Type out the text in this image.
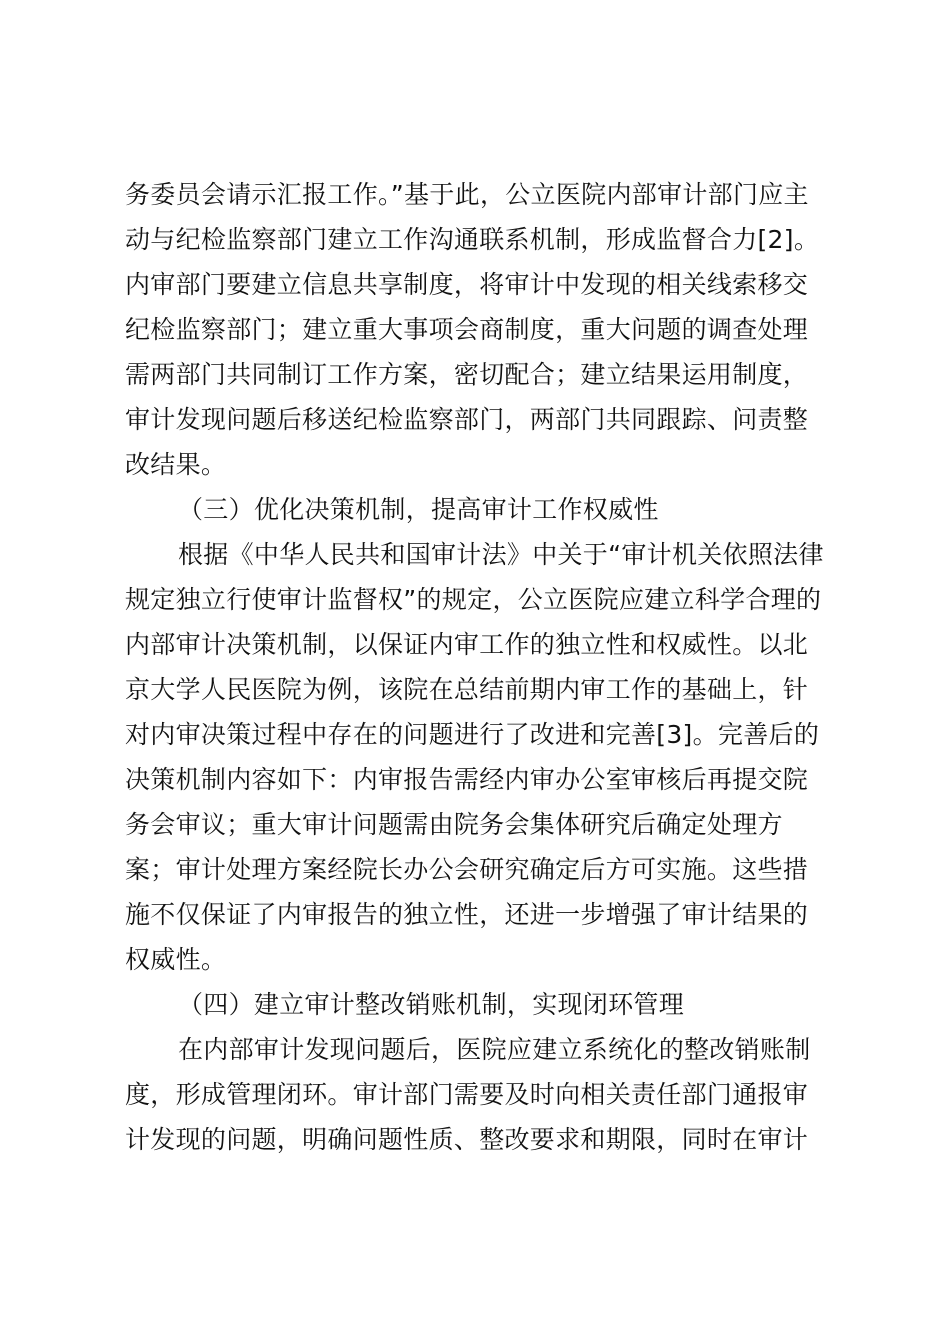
务委员会请示汇报工作。”基于此，公立医院内部审计部门应主
动与纪检监察部门建立工作沟通联系机制，形成监督合力[2]。
内审部门要建立信息共享制度，将审计中发现的相关线索移交
纪检监察部门；建立重大事项会商制度，重大问题的调查处理
需两部门共同制订工作方案，密切配合；建立结果运用制度，
审计发现问题后移送纪检监察部门，两部门共同跟踪、问责整
改结果。
（三）优化决策机制，提高审计工作权威性
根据《中华人民共和国审计法》中关于“审计机关依照法律
规定独立行使审计监督权”的规定，公立医院应建立科学合理的
内部审计决策机制，以保证内审工作的独立性和权威性。以北
京大学人民医院为例，该院在总结前期内审工作的基础上，针
对内审决策过程中存在的问题进行了改进和完善[3]。完善后的
决策机制内容如下：内审报告需经内审办公室审核后再提交院
务会审议；重大审计问题需由院务会集体研究后确定处理方
案；审计处理方案经院长办公会研究确定后方可实施。这些措
施不仅保证了内审报告的独立性，还进一步增强了审计结果的
权威性。
（四）建立审计整改销账机制，实现闭环管理
在内部审计发现问题后，医院应建立系统化的整改销账制
度，形成管理闭环。审计部门需要及时向相关责任部门通报审
计发现的问题，明确问题性质、整改要求和期限，同时在审计
